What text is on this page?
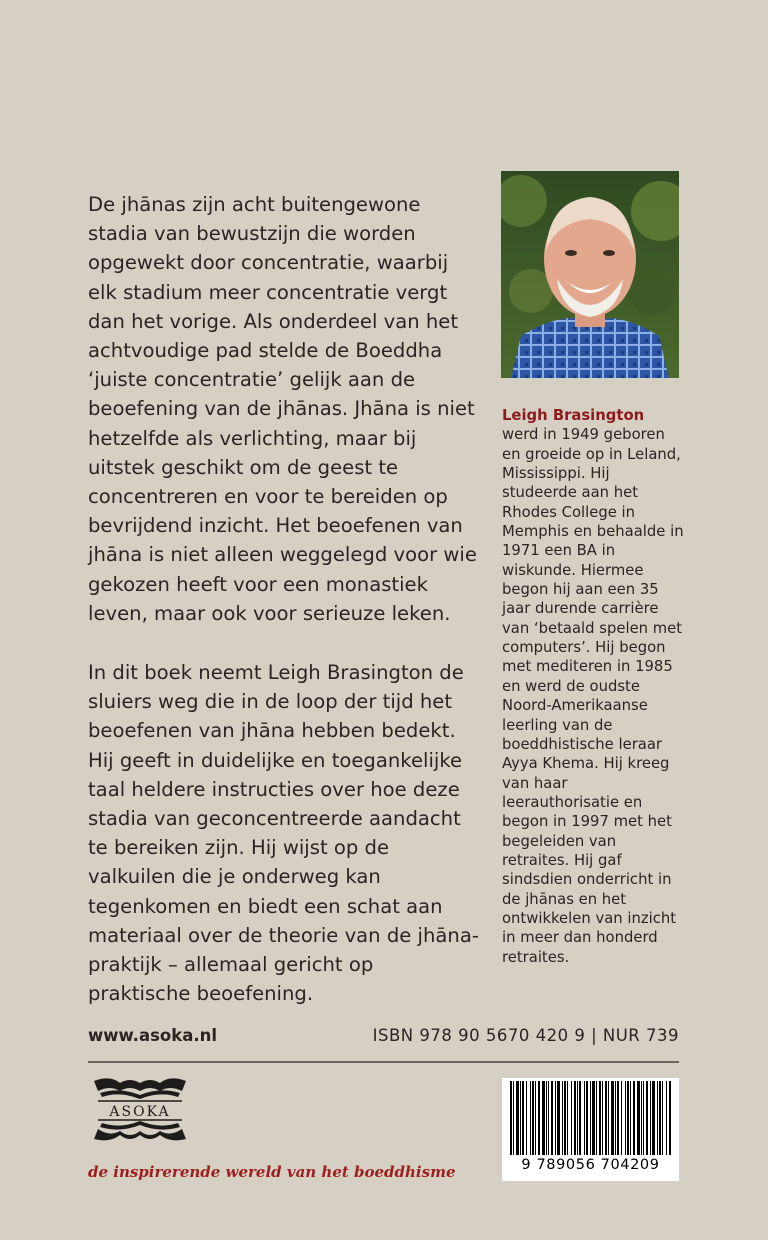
De jhānas zijn acht buitengewone stadia van bewustzijn die worden opgewekt door concentratie, waarbij elk stadium meer concentratie vergt dan het vorige. Als onderdeel van het achtvoudige pad stelde de Boeddha ‘juiste concentratie’ gelijk aan de beoefening van de jhānas. Jhāna is niet hetzelfde als verlichting, maar bij uitstek geschikt om de geest te concentreren en voor te bereiden op bevrijdend inzicht. Het beoefenen van jhāna is niet alleen weggelegd voor wie gekozen heeft voor een monastiek leven, maar ook voor serieuze leken.

In dit boek neemt Leigh Brasington de sluiers weg die in de loop der tijd het beoefenen van jhāna hebben bedekt. Hij geeft in duidelijke en toegankelijke taal heldere instructies over hoe deze stadia van geconcentreerde aandacht te bereiken zijn. Hij wijst op de valkuilen die je onderweg kan tegenkomen en biedt een schat aan materiaal over de theorie van de jhāna-praktijk – allemaal gericht op praktische beoefening.

Leigh Brasington werd in 1949 geboren en groeide op in Leland, Mississippi. Hij studeerde aan het Rhodes College in Memphis en behaalde in 1971 een BA in wiskunde. Hiermee begon hij aan een 35 jaar durende carrière van ‘betaald spelen met computers’. Hij begon met mediteren in 1985 en werd de oudste Noord-Amerikaanse leerling van de boeddhistische leraar Ayya Khema. Hij kreeg van haar leerauthorisatie en begon in 1997 met het begeleiden van retraites. Hij gaf sindsdien onderricht in de jhānas en het ontwikkelen van inzicht in meer dan honderd retraites.
www.asoka.nl	ISBN 978 90 5670 420 9 | NUR 739
ASOKA
de inspirerende wereld van het boeddhisme	9 789056 704209
